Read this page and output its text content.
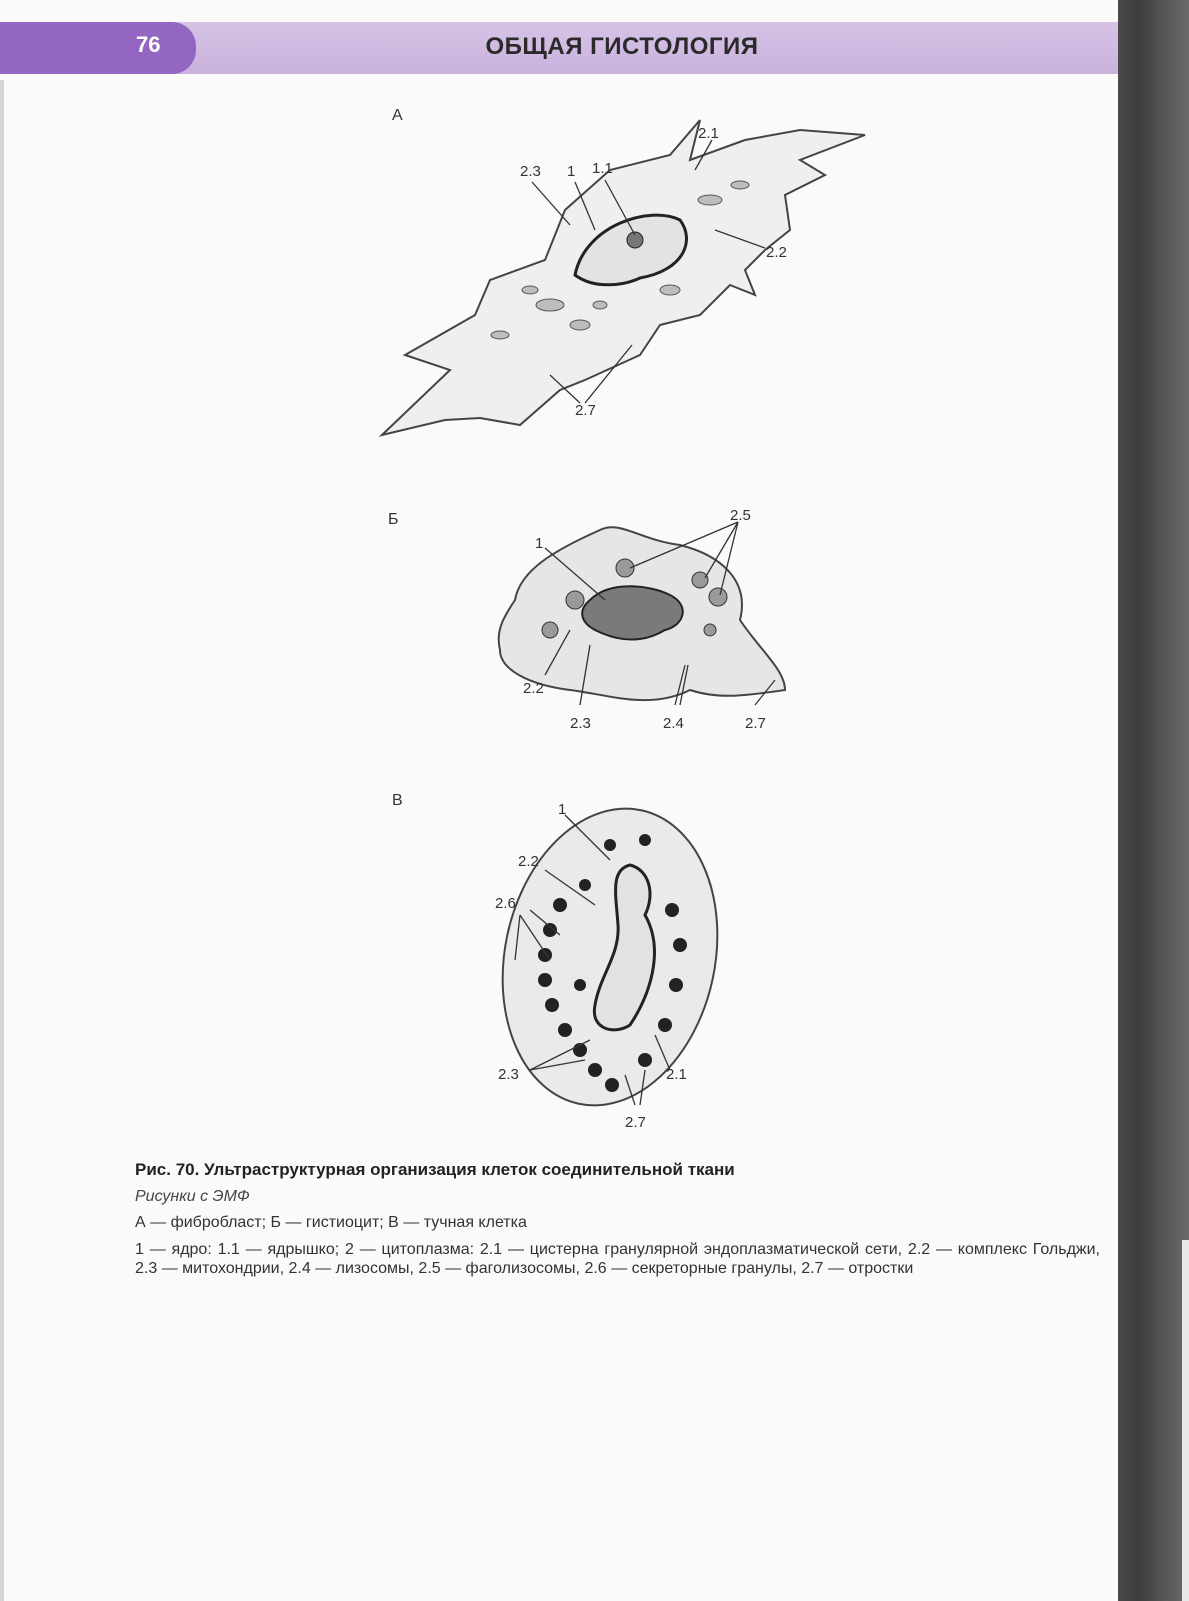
76	ОБЩАЯ ГИСТОЛОГИЯ
А
2.3 1 1.1
2.1
2.2
2.7
Б
1
2.5
2.2
2.3	2.4	2.7
В
1
2.2
2.6
2.3	2.1
2.7

Рис. 70. Ультраструктурная организация клеток соединительной ткани

Рисунки с ЭМФ

А — фибробласт; Б — гистиоцит; В — тучная клетка

1 — ядро: 1.1 — ядрышко; 2 — цитоплазма: 2.1 — цистерна гранулярной эндоплазматической сети, 2.2 — комплекс Гольджи, 2.3 — митохондрии, 2.4 — лизосомы, 2.5 — фаголизосомы, 2.6 — секреторные гранулы, 2.7 — отростки
